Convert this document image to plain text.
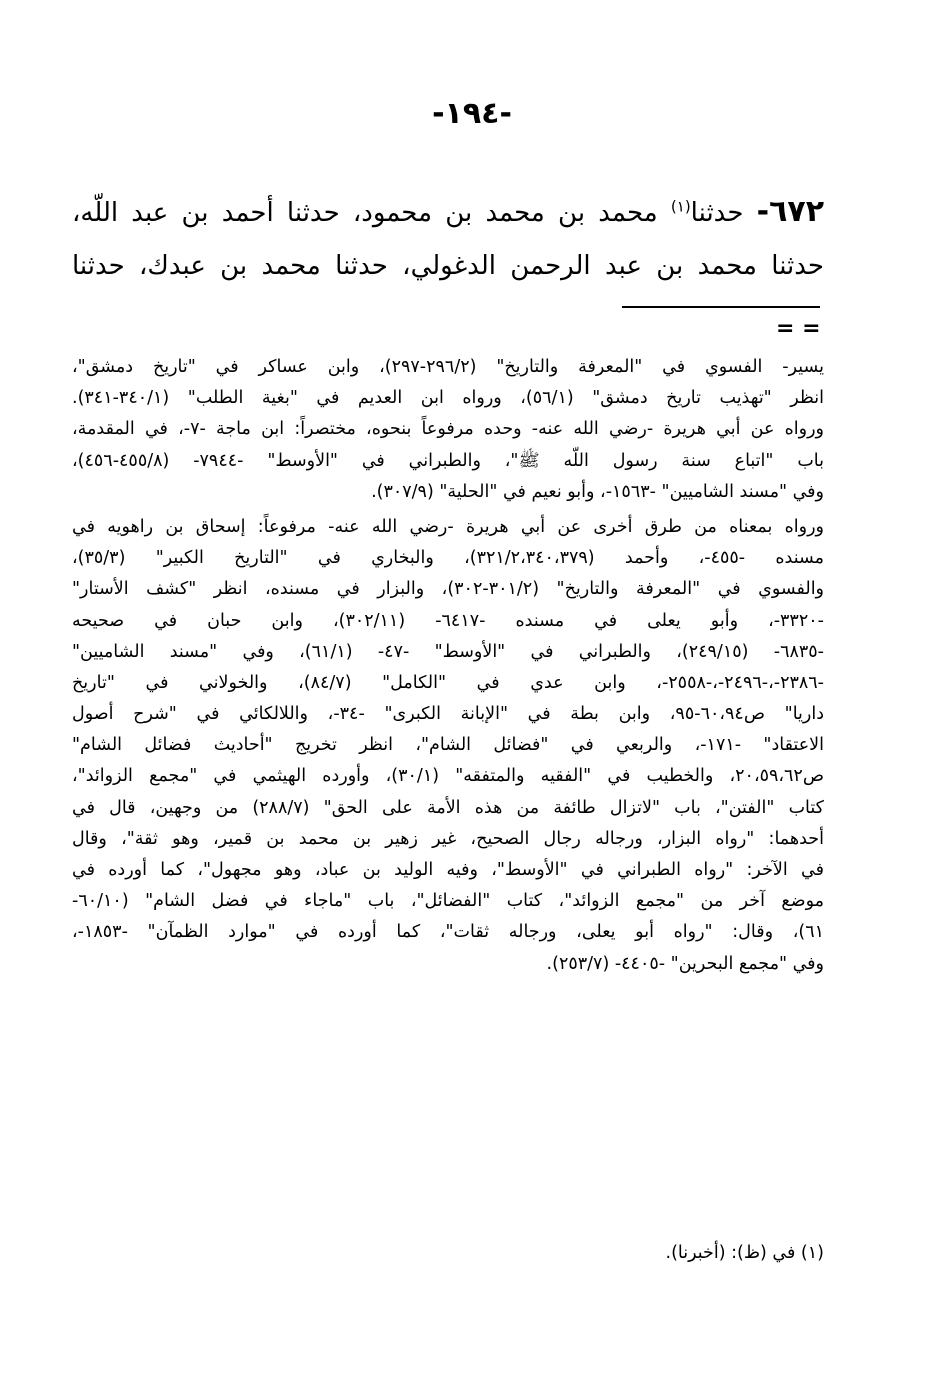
-١٩٤-
٦٧٢- حدثنا$^{(١)}$ محمد بن محمد بن محمود، حدثنا أحمد بن عبد اللّه،
حدثنا محمد بن عبد الرحمن الدغولي، حدثنا محمد بن عبدك، حدثنا
= =
يسير- الفسوي في "المعرفة والتاريخ" (٢٩٦/٢-٢٩٧)، وابن عساكر في "تاريخ دمشق"،
انظر "تهذيب تاريخ دمشق" (٥٦/١)، ورواه ابن العديم في "بغية الطلب" (٣٤٠/١-٣٤١).
ورواه عن أبي هريرة -رضي الله عنه- وحده مرفوعاً بنحوه، مختصراً: ابن ماجة -٧-، في المقدمة،
باب "اتباع سنة رسول اللّه ﷺ"، والطبراني في "الأوسط" -٧٩٤٤- (٤٥٥/٨-٤٥٦)،
وفي "مسند الشاميين" -١٥٦٣-، وأبو نعيم في "الحلية" (٣٠٧/٩).
ورواه بمعناه من طرق أخرى عن أبي هريرة -رضي الله عنه- مرفوعاً: إسحاق بن راهويه في
مسنده -٤٥٥-، وأحمد (٣٢١/٢،٣٤٠،٣٧٩)، والبخاري في "التاريخ الكبير" (٣٥/٣)،
والفسوي في "المعرفة والتاريخ" (٣٠١/٢-٣٠٢)، والبزار في مسنده، انظر "كشف الأستار"
-٣٣٢٠-، وأبو يعلى في مسنده -٦٤١٧- (٣٠٢/١١)، وابن حبان في صحيحه
-٦٨٣٥- (٢٤٩/١٥)، والطبراني في "الأوسط" -٤٧- (٦١/١)، وفي "مسند الشاميين"
-٢٣٨٦-،-٢٤٩٦-،-٢٥٥٨-، وابن عدي في "الكامل" (٨٤/٧)، والخولاني في "تاريخ
داريا" ص٦٠،٩٤-٩٥، وابن بطة في "الإبانة الكبرى" -٣٤-، واللالكائي في "شرح أصول
الاعتقاد" -١٧١-، والربعي في "فضائل الشام"، انظر تخريج "أحاديث فضائل الشام"
ص٢٠،٥٩،٦٢، والخطيب في "الفقيه والمتفقه" (٣٠/١)، وأورده الهيثمي في "مجمع الزوائد"،
كتاب "الفتن"، باب "لاتزال طائفة من هذه الأمة على الحق" (٢٨٨/٧) من وجهين، قال في
أحدهما: "رواه البزار، ورجاله رجال الصحيح، غير زهير بن محمد بن قمير، وهو ثقة"، وقال
في الآخر: "رواه الطبراني في "الأوسط"، وفيه الوليد بن عباد، وهو مجهول"، كما أورده في
موضع آخر من "مجمع الزوائد"، كتاب "الفضائل"، باب "ماجاء في فضل الشام" (٦٠/١٠-
٦١)، وقال: "رواه أبو يعلى، ورجاله ثقات"، كما أورده في "موارد الظمآن" -١٨٥٣-،
وفي "مجمع البحرين" -٤٤٠٥- (٢٥٣/٧).
(١) في (ظ): (أخبرنا).
